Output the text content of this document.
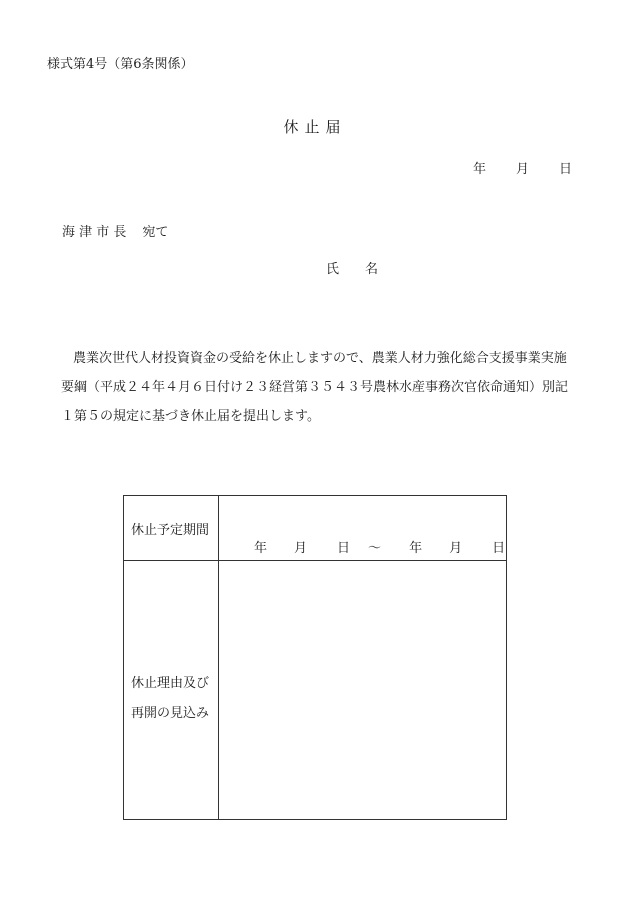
様式第4号（第6条関係）
休止届
年 月 日
海 津 市 長 宛て
氏 名

農業次世代人材投資資金の受給を休止しますので、農業人材力強化総合支援事業実施

要綱（平成２４年４月６日付け２３経営第３５４３号農林水産事務次官依命通知）別記

１第５の規定に基づき休止届を提出します。

休止予定期間	年 月 日 ～ 年 月 日

休止理由及び
再開の見込み	
